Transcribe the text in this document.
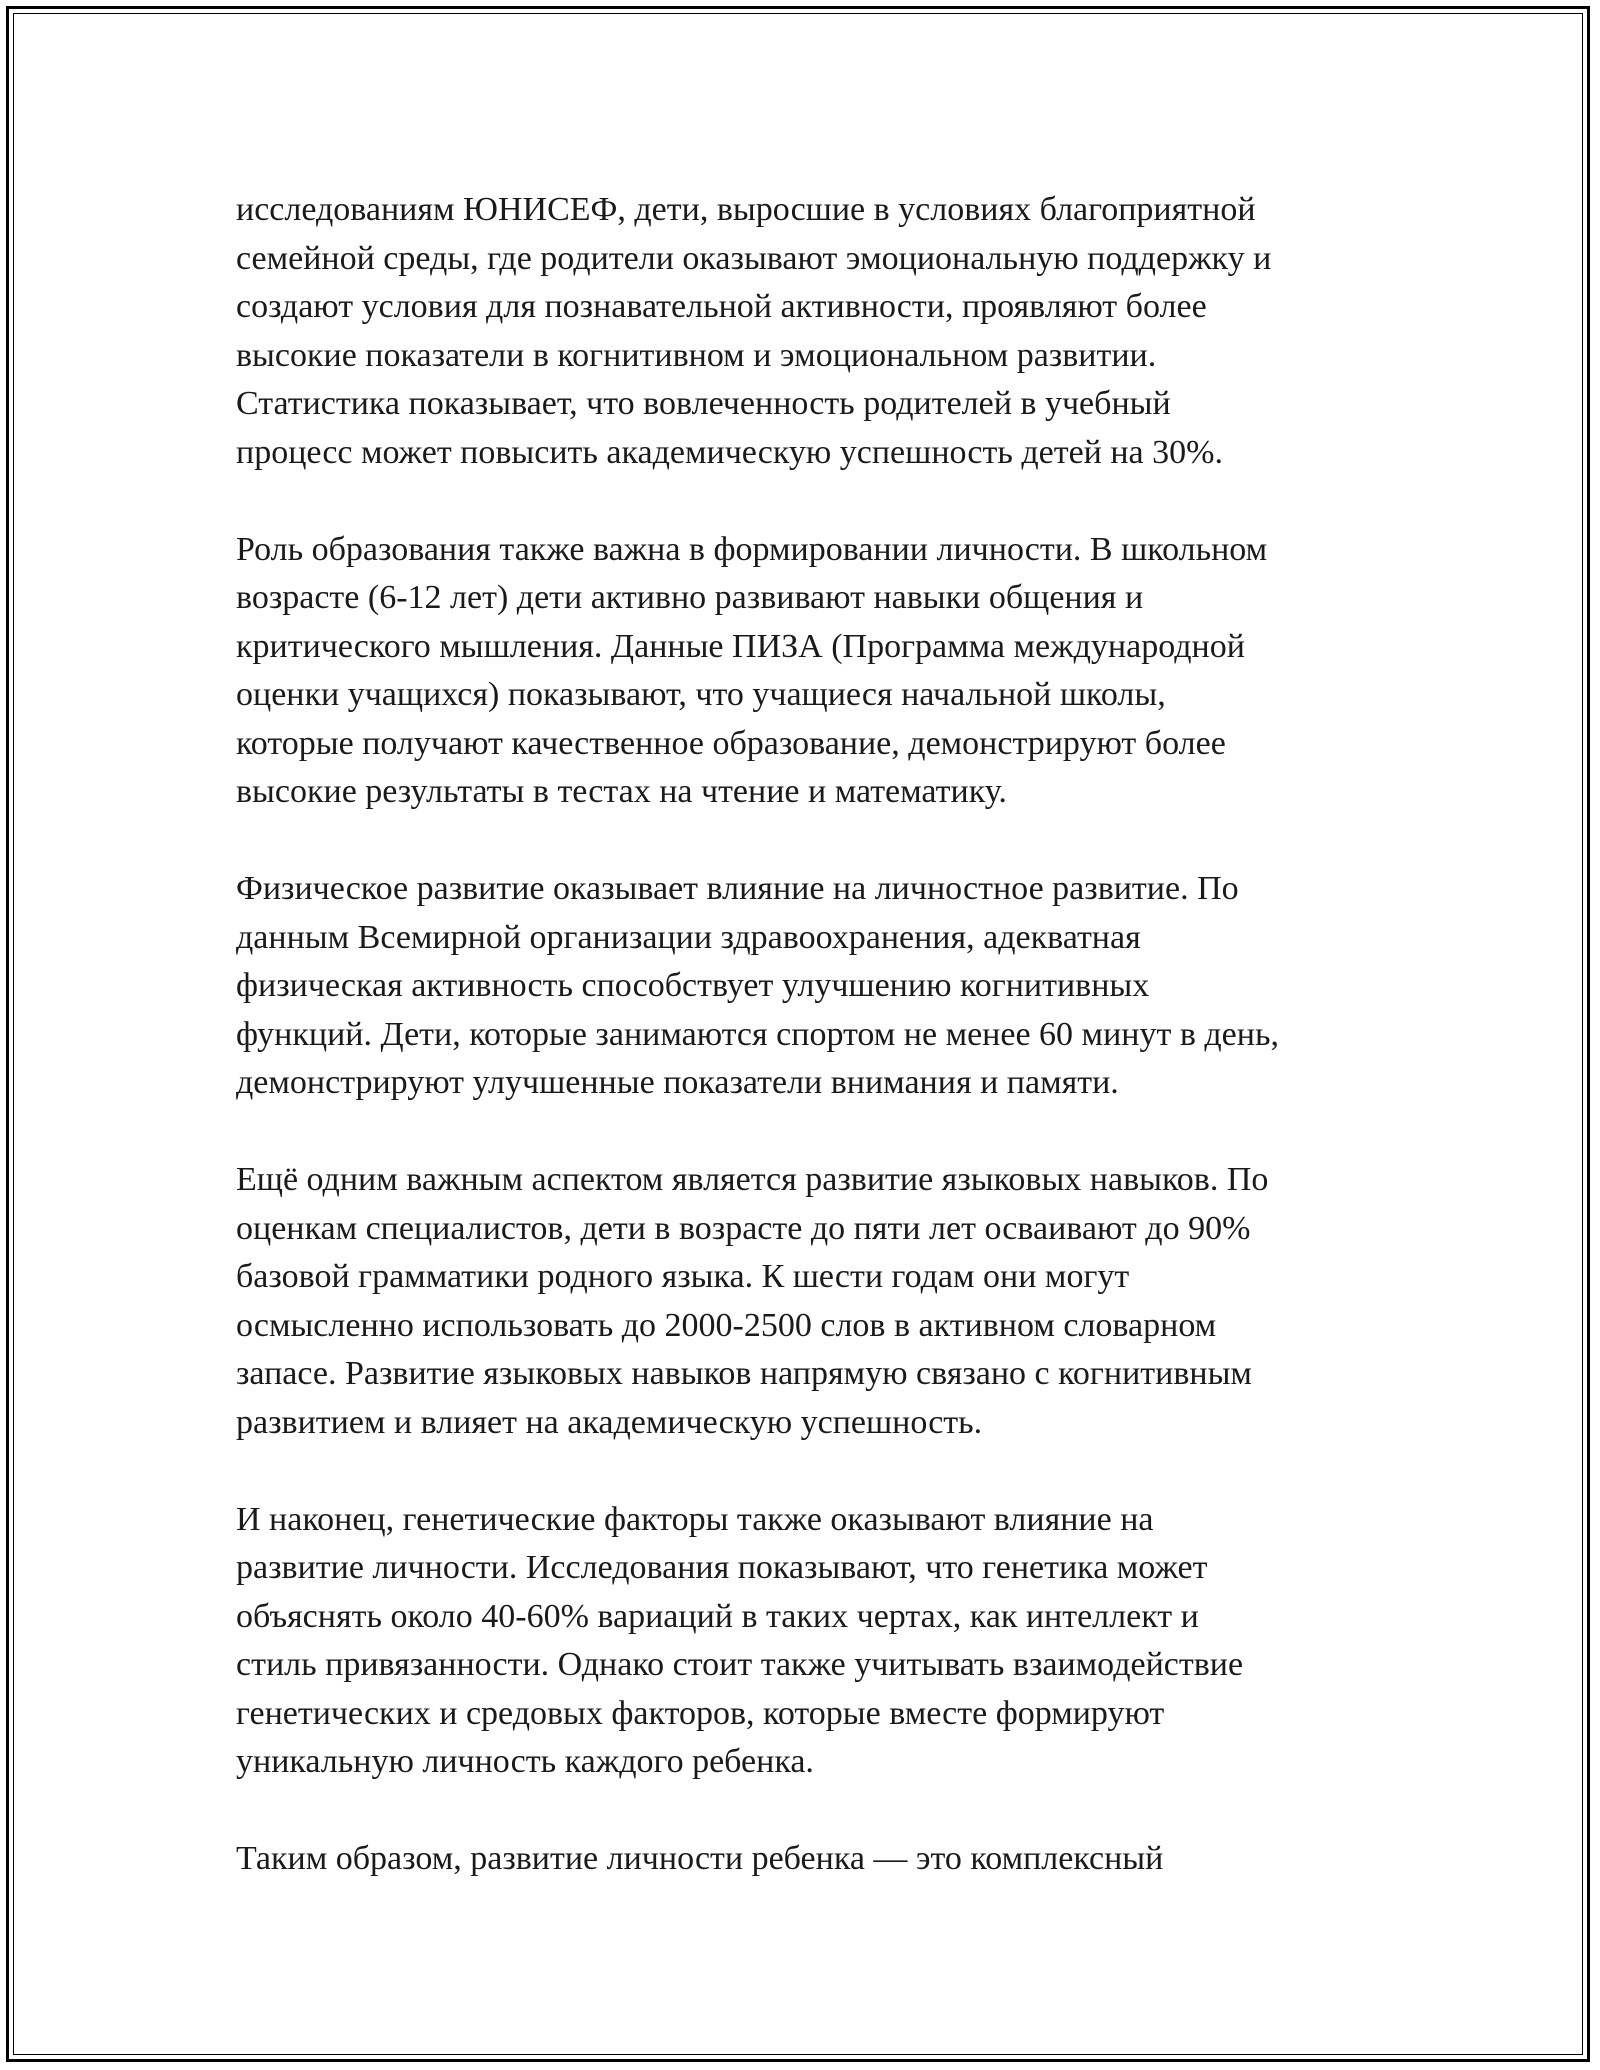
исследованиям ЮНИСЕФ, дети, выросшие в условиях благоприятной
семейной среды, где родители оказывают эмоциональную поддержку и
создают условия для познавательной активности, проявляют более
высокие показатели в когнитивном и эмоциональном развитии.
Статистика показывает, что вовлеченность родителей в учебный
процесс может повысить академическую успешность детей на 30%.

Роль образования также важна в формировании личности. В школьном
возрасте (6-12 лет) дети активно развивают навыки общения и
критического мышления. Данные ПИЗА (Программа международной
оценки учащихся) показывают, что учащиеся начальной школы,
которые получают качественное образование, демонстрируют более
высокие результаты в тестах на чтение и математику.

Физическое развитие оказывает влияние на личностное развитие. По
данным Всемирной организации здравоохранения, адекватная
физическая активность способствует улучшению когнитивных
функций. Дети, которые занимаются спортом не менее 60 минут в день,
демонстрируют улучшенные показатели внимания и памяти.

Ещё одним важным аспектом является развитие языковых навыков. По
оценкам специалистов, дети в возрасте до пяти лет осваивают до 90%
базовой грамматики родного языка. К шести годам они могут
осмысленно использовать до 2000-2500 слов в активном словарном
запасе. Развитие языковых навыков напрямую связано с когнитивным
развитием и влияет на академическую успешность.

И наконец, генетические факторы также оказывают влияние на
развитие личности. Исследования показывают, что генетика может
объяснять около 40-60% вариаций в таких чертах, как интеллект и
стиль привязанности. Однако стоит также учитывать взаимодействие
генетических и средовых факторов, которые вместе формируют
уникальную личность каждого ребенка.

Таким образом, развитие личности ребенка — это комплексный
